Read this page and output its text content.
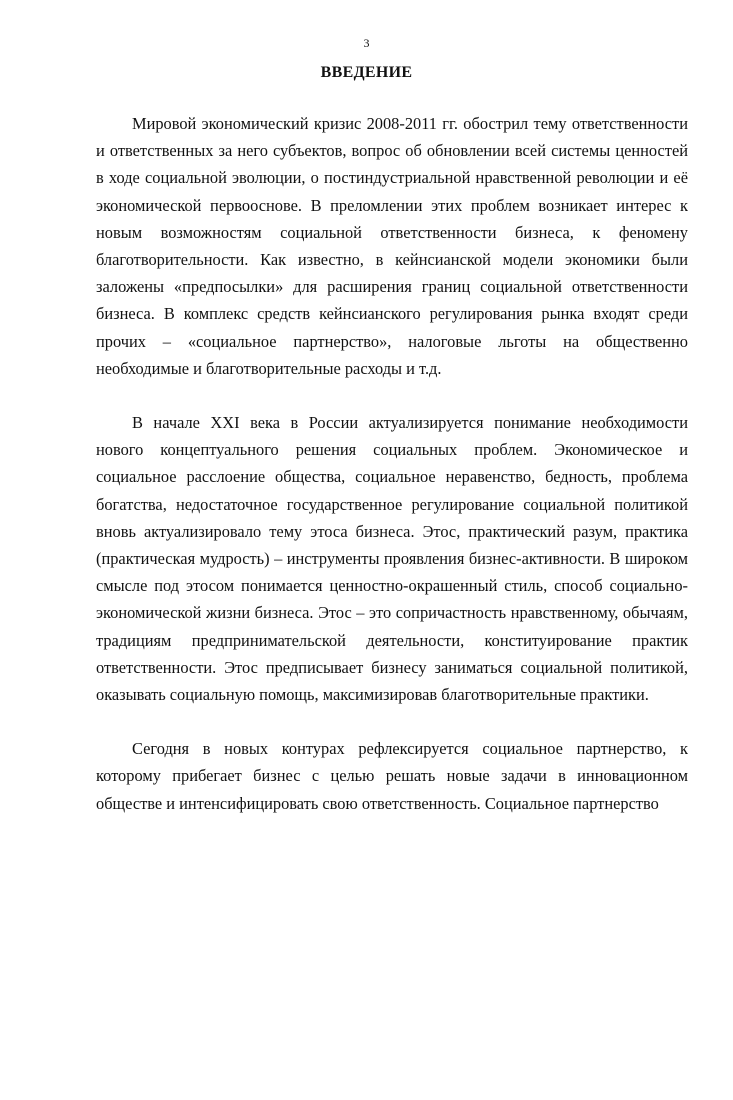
3
ВВЕДЕНИЕ

Мировой экономический кризис 2008-2011 гг. обострил тему ответственности и ответственных за него субъектов, вопрос об обновлении всей системы ценностей в ходе социальной эволюции, о постиндустриальной нравственной революции и её экономической первооснове. В преломлении этих проблем возникает интерес к новым возможностям социальной ответственности бизнеса, к феномену благотворительности. Как известно, в кейнсианской модели экономики были заложены «предпосылки» для расширения границ социальной ответственности бизнеса. В комплекс средств кейнсианского регулирования рынка входят среди прочих – «социальное партнерство», налоговые льготы на общественно необходимые и благотворительные расходы и т.д.

В начале XXI века в России актуализируется понимание необходимости нового концептуального решения социальных проблем. Экономическое и социальное расслоение общества, социальное неравенство, бедность, проблема богатства, недостаточное государственное регулирование социальной политикой вновь актуализировало тему этоса бизнеса. Этос, практический разум, практика (практическая мудрость) – инструменты проявления бизнес-активности. В широком смысле под этосом понимается ценностно-окрашенный стиль, способ социально-экономической жизни бизнеса. Этос – это сопричастность нравственному, обычаям, традициям предпринимательской деятельности, конституирование практик ответственности. Этос предписывает бизнесу заниматься социальной политикой, оказывать социальную помощь, максимизировав благотворительные практики.

Сегодня в новых контурах рефлексируется социальное партнерство, к которому прибегает бизнес с целью решать новые задачи в инновационном обществе и интенсифицировать свою ответственность. Социальное партнерство
